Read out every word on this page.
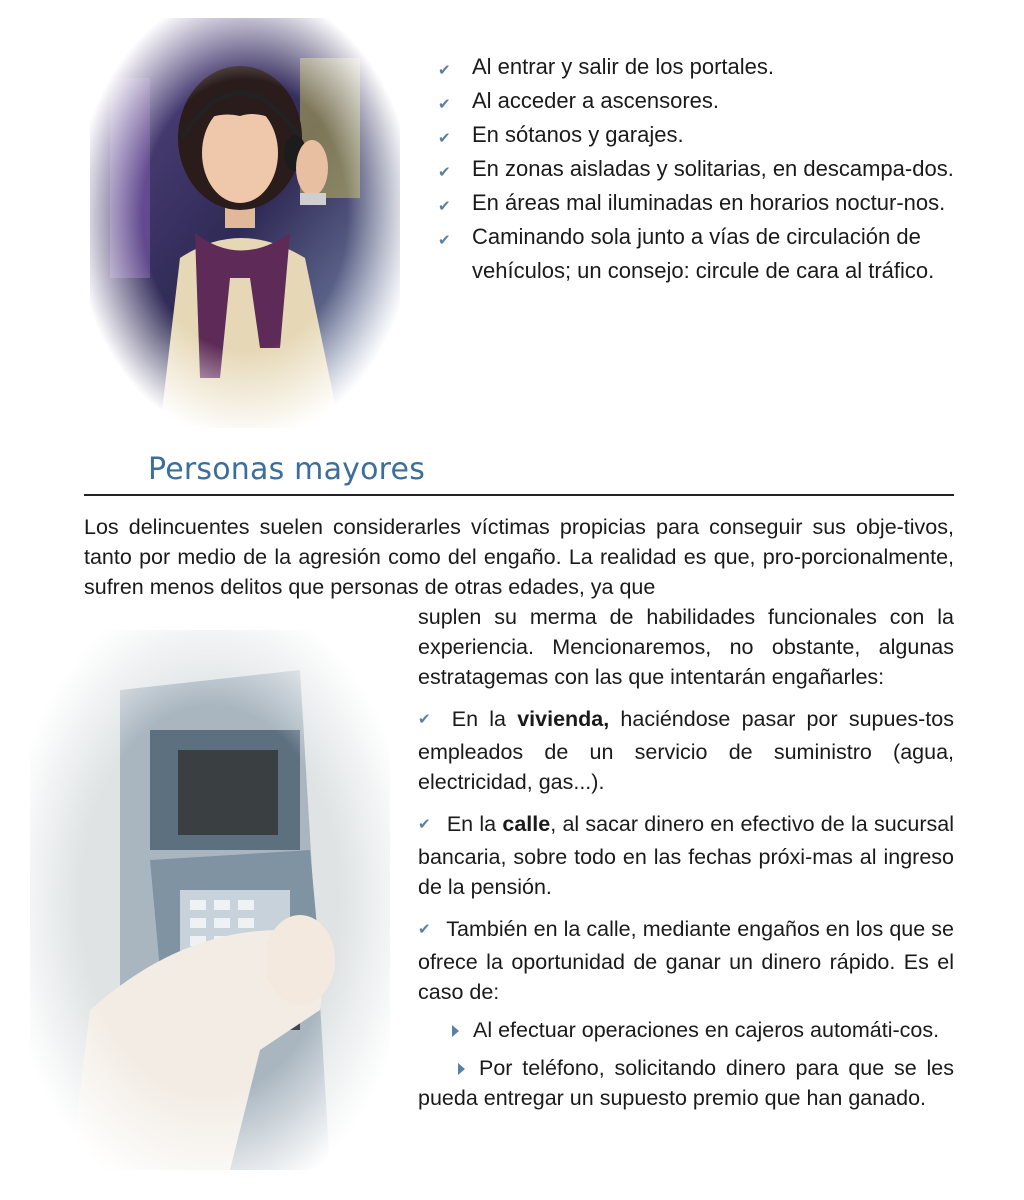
✔ Al entrar y salir de los portales.
✔ Al acceder a ascensores.
✔ En sótanos y garajes.
✔ En zonas aisladas y solitarias, en descampa-dos.
✔ En áreas mal iluminadas en horarios noctur-nos.
✔ Caminando sola junto a vías de circulación de vehículos; un consejo: circule de cara al tráfico.
Personas mayores

Los delincuentes suelen considerarles víctimas propicias para conseguir sus obje-tivos, tanto por medio de la agresión como del engaño. La realidad es que, pro-porcionalmente, sufren menos delitos que personas de otras edades, ya que

suplen su merma de habilidades funcionales con la experiencia. Mencionaremos, no obstante, algunas estratagemas con las que intentarán engañarles:

✔ En la vivienda, haciéndose pasar por supues-tos empleados de un servicio de suministro (agua, electricidad, gas...).

✔ En la calle, al sacar dinero en efectivo de la sucursal bancaria, sobre todo en las fechas próxi-mas al ingreso de la pensión.

✔ También en la calle, mediante engaños en los que se ofrece la oportunidad de ganar un dinero rápido. Es el caso de:

Al efectuar operaciones en cajeros automáti-cos.

Por teléfono, solicitando dinero para que se les pueda entregar un supuesto premio que han ganado.
